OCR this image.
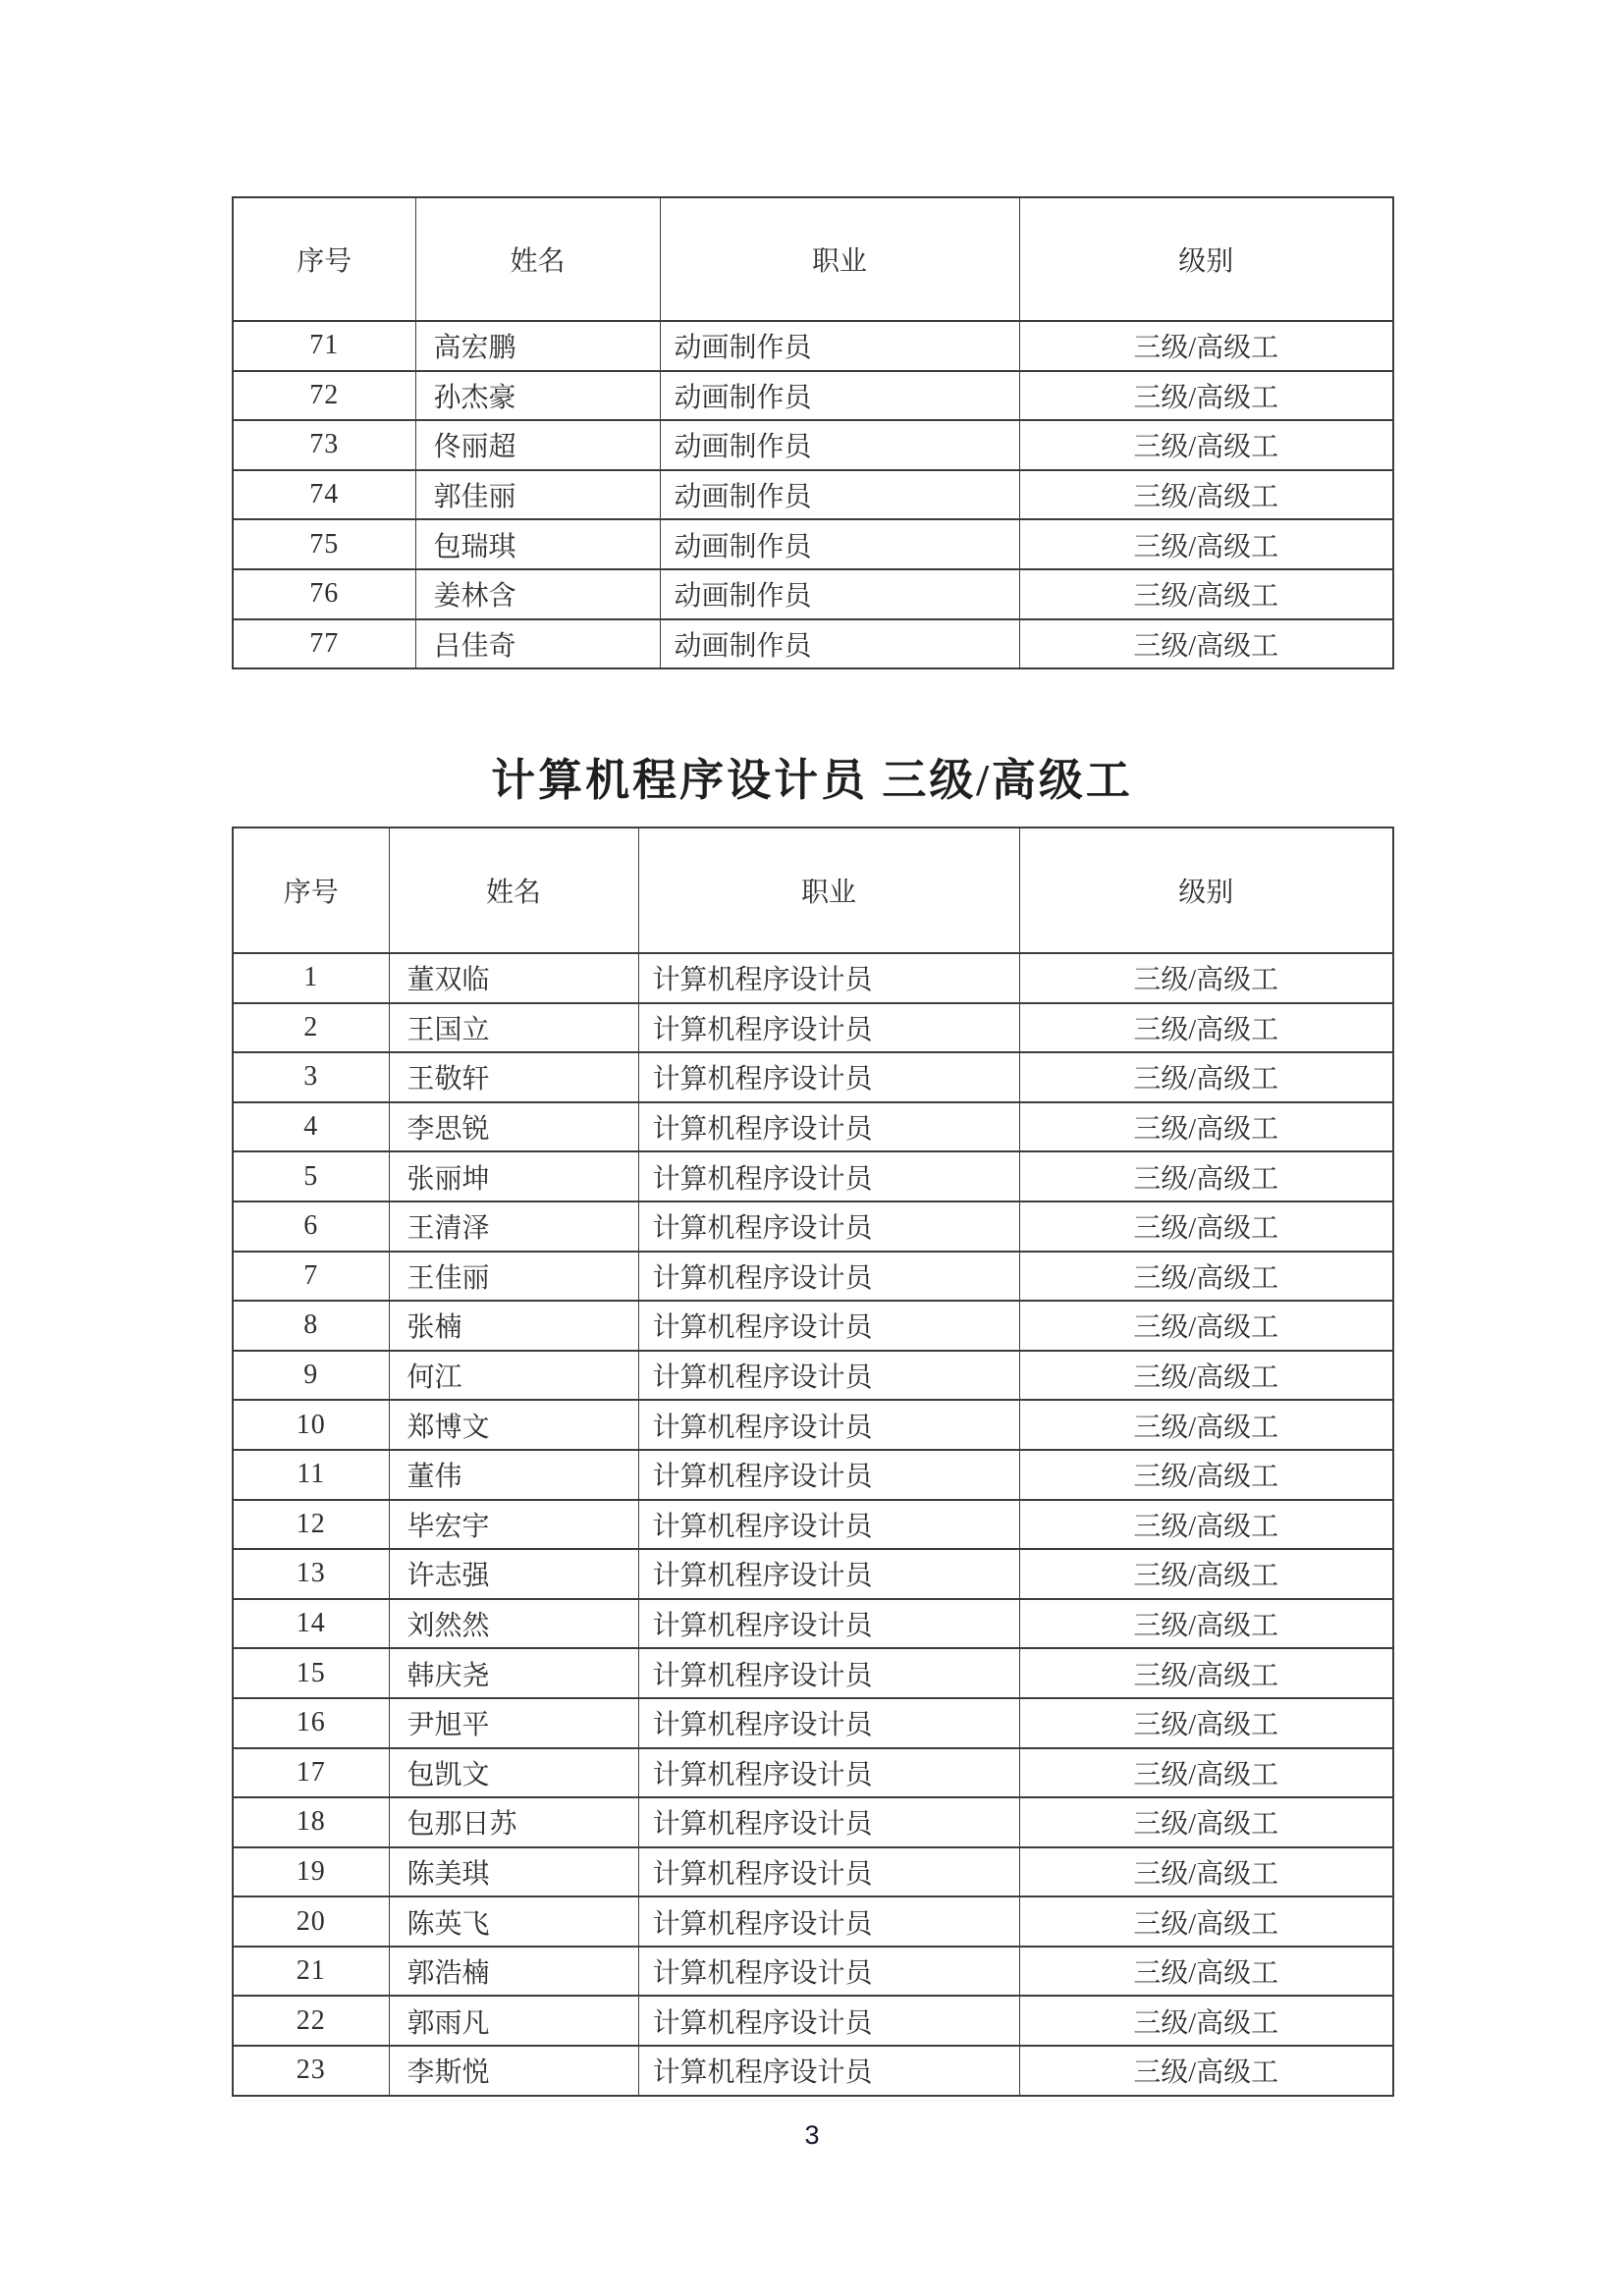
序号	姓名	职业	级别
71	高宏鹏	动画制作员	三级/高级工
72	孙杰豪	动画制作员	三级/高级工
73	佟丽超	动画制作员	三级/高级工
74	郭佳丽	动画制作员	三级/高级工
75	包瑞琪	动画制作员	三级/高级工
76	姜林含	动画制作员	三级/高级工
77	吕佳奇	动画制作员	三级/高级工
计算机程序设计员 三级/高级工
序号	姓名	职业	级别
1	董双临	计算机程序设计员	三级/高级工
2	王国立	计算机程序设计员	三级/高级工
3	王敬轩	计算机程序设计员	三级/高级工
4	李思锐	计算机程序设计员	三级/高级工
5	张丽坤	计算机程序设计员	三级/高级工
6	王清泽	计算机程序设计员	三级/高级工
7	王佳丽	计算机程序设计员	三级/高级工
8	张楠	计算机程序设计员	三级/高级工
9	何江	计算机程序设计员	三级/高级工
10	郑博文	计算机程序设计员	三级/高级工
11	董伟	计算机程序设计员	三级/高级工
12	毕宏宇	计算机程序设计员	三级/高级工
13	许志强	计算机程序设计员	三级/高级工
14	刘然然	计算机程序设计员	三级/高级工
15	韩庆尧	计算机程序设计员	三级/高级工
16	尹旭平	计算机程序设计员	三级/高级工
17	包凯文	计算机程序设计员	三级/高级工
18	包那日苏	计算机程序设计员	三级/高级工
19	陈美琪	计算机程序设计员	三级/高级工
20	陈英飞	计算机程序设计员	三级/高级工
21	郭浩楠	计算机程序设计员	三级/高级工
22	郭雨凡	计算机程序设计员	三级/高级工
23	李斯悦	计算机程序设计员	三级/高级工
3
